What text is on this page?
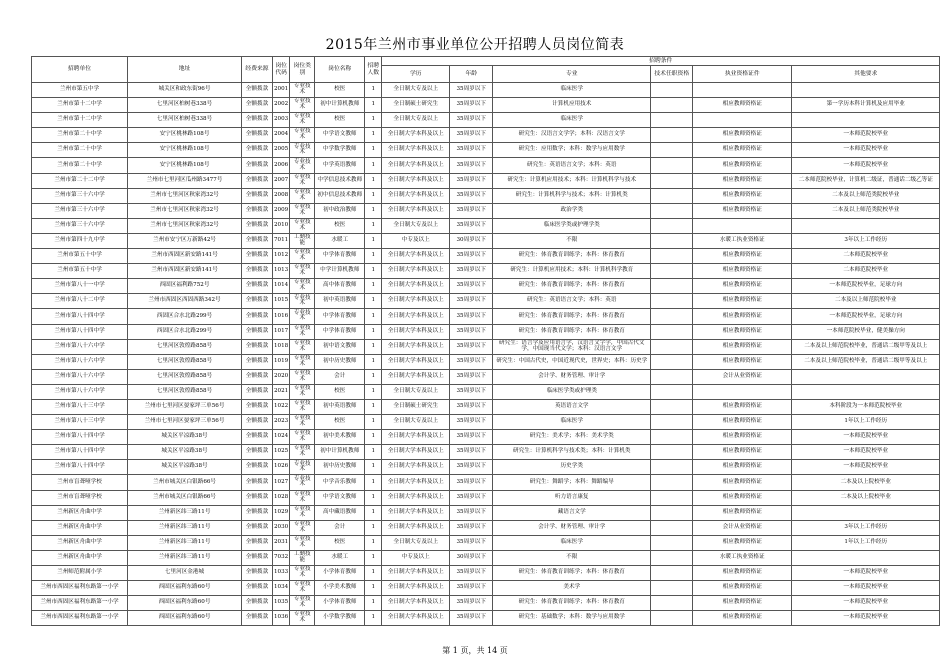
2015年兰州市事业单位公开招聘人员岗位简表
招聘单位	地址	经费来源	岗位代码	岗位类别	岗位名称	招聘人数	招聘条件					
							学历	年龄	专业	技术任职资格	执业资格证件	其他要求
兰州市第五中学	城关区和政东街96号	全额拨款	2001	专业技术	校医	1	全日制大专及以上	35周岁以下	临床医学			
兰州市第十二中学	七里河区柏树巷338号	全额拨款	2002	专业技术	初中计算机教师	1	全日制硕士研究生	35周岁以下	计算机应用技术		相应教师资格证	第一学历本科计算机及应用毕业
兰州市第十二中学	七里河区柏树巷338号	全额拨款	2003	专业技术	校医	1	全日制大专及以上	35周岁以下	临床医学			
兰州市第二十中学	安宁区桃林路108号	全额拨款	2004	专业技术	中学语文教师	1	全日制大学本科及以上	35周岁以下	研究生：汉语言文学学；本科：汉语言文学		相应教师资格证	一本师范院校毕业
兰州市第二十中学	安宁区桃林路108号	全额拨款	2005	专业技术	中学数学教师	1	全日制大学本科及以上	35周岁以下	研究生：应用数学；本科：数学与应用数学		相应教师资格证	一本师范院校毕业
兰州市第二十中学	安宁区桃林路108号	全额拨款	2006	专业技术	中学英语教师	1	全日制大学本科及以上	35周岁以下	研究生：英语语言文学；本科：英语		相应教师资格证	一本师范院校毕业
兰州市第二十二中学	兰州市七里河区瓜州路3477号	全额拨款	2007	专业技术	中学信息技术教师	1	全日制大学本科及以上	35周岁以下	研究生：计算机应用技术；本科：计算机科学与技术		相应教师资格证	二本师范院校毕业，计算机二级证，普通话二级乙等证
兰州市第三十六中学	兰州市七里河区秋家湾32号	全额拨款	2008	专业技术	初中信息技术教师	1	全日制大学本科及以上	35周岁以下	研究生：计算机科学与技术；本科：计算机类		相应教师资格证	二本及以上师范类院校毕业
兰州市第三十六中学	兰州市七里河区秋家湾32号	全额拨款	2009	专业技术	初中政治教师	1	全日制大学本科及以上	35周岁以下	政治学类		相应教师资格证	二本及以上师范类院校毕业
兰州市第三十六中学	兰州市七里河区秋家湾32号	全额拨款	2010	专业技术	校医	1	全日制大专及以上	35周岁以下	临床医学类或护理学类			
兰州市第四十九中学	兰州市安宁区万新路42号	全额拨款	7011	工勤技能	水暖工	1	中专及以上	30周岁以下	不限		水暖工执业资格证	3年以上工作经历
兰州市第五十中学	兰州市西固区新安路141号	全额拨款	1012	专业技术	中学体育教师	1	全日制大学本科及以上	35周岁以下	研究生：体育教育训练学；本科：体育教育		相应教师资格证	二本师范院校毕业
兰州市第五十中学	兰州市西固区新安路141号	全额拨款	1013	专业技术	中学计算机教师	1	全日制大学本科及以上	35周岁以下	研究生：计算机应用技术；本科：计算机科学教育		相应教师资格证	二本师范院校毕业
兰州市第八十一中学	西固区福利路752号	全额拨款	1014	专业技术	高中体育教师	1	全日制大学本科及以上	35周岁以下	研究生：体育教育训练学；本科：体育教育		相应教师资格证	一本师范院校毕业，足球方向
兰州市第八十二中学	兰州市西固区西固西路342号	全额拨款	1015	专业技术	初中英语教师	1	全日制大学本科及以上	35周岁以下	研究生：英语语言文学；本科：英语		相应教师资格证	二本及以上师范院校毕业
兰州市第八十四中学	西固区合水北路299号	全额拨款	1016	专业技术	中学体育教师	1	全日制大学本科及以上	35周岁以下	研究生：体育教育训练学；本科：体育教育		相应教师资格证	一本师范院校毕业，足球方向
兰州市第八十四中学	西固区合水北路299号	全额拨款	1017	专业技术	中学体育教师	1	全日制大学本科及以上	35周岁以下	研究生：体育教育训练学；本科：体育教育		相应教师资格证	一本师范院校毕业，健美操方向
兰州市第八十六中学	七里河区敦煌路858号	全额拨款	1018	专业技术	初中语文教师	1	全日制大学本科及以上	35周岁以下	研究生：语言学及应用语言学，汉语言文字学，中国古代文学，中国现当代文学；本科：汉语言文学		相应教师资格证	二本及以上师范院校毕业，普通话二级甲等及以上
兰州市第八十六中学	七里河区敦煌路858号	全额拨款	1019	专业技术	初中历史教师	1	全日制大学本科及以上	35周岁以下	研究生：中国古代史，中国近现代史，世界史；本科：历史学		相应教师资格证	二本及以上师范院校毕业，普通话二级甲等及以上
兰州市第八十六中学	七里河区敦煌路858号	全额拨款	2020	专业技术	会计	1	全日制大学本科及以上	35周岁以下	会计学、财务管理、审计学		会计从业资格证	
兰州市第八十六中学	七里河区敦煌路858号	全额拨款	2021	专业技术	校医	1	全日制大专及以上	35周岁以下	临床医学类或护理类			
兰州市第八十三中学	兰州市七里河区晏家坪三单56号	全额拨款	1022	专业技术	初中英语教师	1	全日制硕士研究生	35周岁以下	英语语言文学		相应教师资格证	本科阶段为一本师范院校毕业
兰州市第八十三中学	兰州市七里河区晏家坪三单56号	全额拨款	2023	专业技术	校医	1	全日制大专及以上	35周岁以下	临床医学		相应教师资格证	1年以上工作经历
兰州市第八十四中学	城关区平凉路38号	全额拨款	1024	专业技术	初中美术教师	1	全日制大学本科及以上	35周岁以下	研究生：美术学；本科：美术学类		相应教师资格证	一本师范院校毕业
兰州市第八十四中学	城关区平凉路38号	全额拨款	1025	专业技术	初中计算机教师	1	全日制大学本科及以上	35周岁以下	研究生：计算机科学与技术类；本科：计算机类		相应教师资格证	一本师范院校毕业
兰州市第八十四中学	城关区平凉路38号	全额拨款	1026	专业技术	初中历史教师	1	全日制大学本科及以上	35周岁以下	历史学类		相应教师资格证	一本师范院校毕业
兰州市盲聋哑学校	兰州市城关区白银路66号	全额拨款	1027	专业技术	中学音乐教师	1	全日制大学本科及以上	35周岁以下	研究生：舞蹈学；本科：舞蹈编导		相应教师资格证	二本及以上院校毕业
兰州市盲聋哑学校	兰州市城关区白银路66号	全额拨款	1028	专业技术	中学语文教师	1	全日制大学本科及以上	35周岁以下	听力语言康复		相应教师资格证	二本及以上院校毕业
兰州新区舟曲中学	兰州新区纬三路11号	全额拨款	1029	专业技术	高中藏语教师	1	全日制大学本科及以上	35周岁以下	藏语言文学		相应教师资格证	
兰州新区舟曲中学	兰州新区纬三路11号	全额拨款	2030	专业技术	会计	1	全日制大学本科及以上	35周岁以下	会计学、财务管理、审计学		会计从业资格证	3年以上工作经历
兰州新区舟曲中学	兰州新区纬三路11号	全额拨款	2031	专业技术	校医	1	全日制大专及以上	35周岁以下	临床医学		相应教师资格证	1年以上工作经历
兰州新区舟曲中学	兰州新区纬三路11号	全额拨款	7032	工勤技能	水暖工	1	中专及以上	30周岁以下	不限		水暖工执业资格证	
兰州师范附属小学	七里河区金港城	全额拨款	1033	专业技术	小学体育教师	1	全日制大学本科及以上	35周岁以下	研究生：体育教育训练学；本科：体育教育		相应教师资格证	一本师范院校毕业
兰州市西固区福利东路第一小学	西固区福利东路60号	全额拨款	1034	专业技术	小学美术教师	1	全日制大学本科及以上	35周岁以下	美术学		相应教师资格证	一本师范院校毕业
兰州市西固区福利东路第一小学	西固区福利东路60号	全额拨款	1035	专业技术	小学体育教师	1	全日制大学本科及以上	35周岁以下	研究生：体育教育训练学；本科：体育教育		相应教师资格证	一本师范院校毕业
兰州市西固区福利东路第一小学	西固区福利东路60号	全额拨款	1036	专业技术	小学数学教师	1	全日制大学本科及以上	35周岁以下	研究生：基础数学；本科：数学与应用数学		相应教师资格证	一本师范院校毕业
第 1 页，共 14 页
